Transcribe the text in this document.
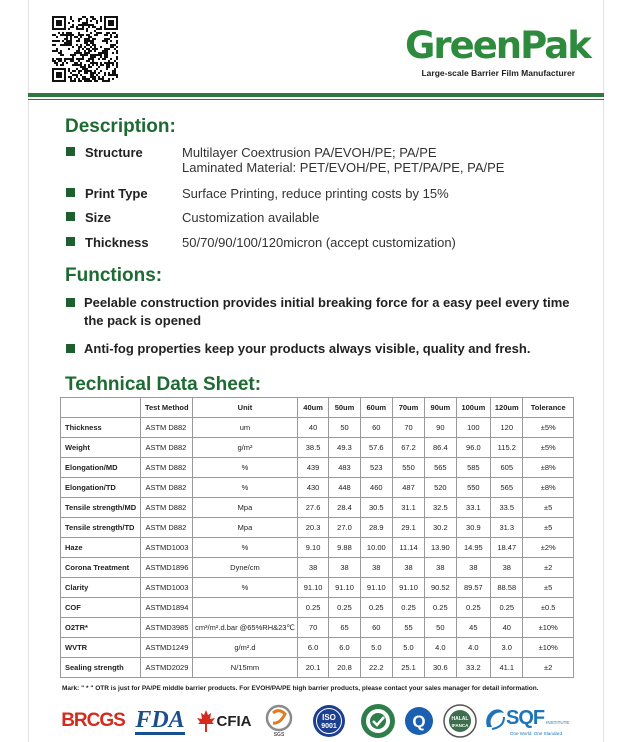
GreenPak
Large-scale Barrier Film Manufacturer
Description:
Structure	Multilayer Coextrusion PA/EVOH/PE; PA/PE
Laminated Material: PET/EVOH/PE, PET/PA/PE, PA/PE
Print Type	Surface Printing, reduce printing costs by 15%
Size	Customization available
Thickness	50/70/90/100/120micron (accept customization)
Functions:
Peelable construction provides initial breaking force for a easy peel every time the pack is opened
Anti-fog properties keep your products always visible, quality and fresh.
Technical Data Sheet:
	Test Method	Unit	40um	50um	60um	70um	90um	100um	120um	Tolerance
Thickness	ASTM D882	um	40	50	60	70	90	100	120	±5%
Weight	ASTM D882	g/m²	38.5	49.3	57.6	67.2	86.4	96.0	115.2	±5%
Elongation/MD	ASTM D882	%	439	483	523	550	565	585	605	±8%
Elongation/TD	ASTM D882	%	430	448	460	487	520	550	565	±8%
Tensile strength/MD	ASTM D882	Mpa	27.6	28.4	30.5	31.1	32.5	33.1	33.5	±5
Tensile strength/TD	ASTM D882	Mpa	20.3	27.0	28.9	29.1	30.2	30.9	31.3	±5
Haze	ASTMD1003	%	9.10	9.88	10.00	11.14	13.90	14.95	18.47	±2%
Corona Treatment	ASTMD1896	Dyne/cm	38	38	38	38	38	38	38	±2
Clarity	ASTMD1003	%	91.10	91.10	91.10	91.10	90.52	89.57	88.58	±5
COF	ASTMD1894		0.25	0.25	0.25	0.25	0.25	0.25	0.25	±0.5
O2TR*	ASTMD3985	cm³/m².d.bar @65%RH&23℃	70	65	60	55	50	45	40	±10%
WVTR	ASTMD1249	g/m².d	6.0	6.0	5.0	5.0	4.0	4.0	3.0	±10%
Sealing strength	ASTMD2029	N/15mm	20.1	20.8	22.2	25.1	30.6	33.2	41.1	±2
Mark: " * " OTR is just for PA/PE middle barrier products. For EVOH/PA/PE high barrier products, please contact your sales manager for detail information.
BRCGS FDA CFIA
SGS
ISO
9001	Q	HALAL
IFANCA SQF INSTITUTE
One World. One Standard.
